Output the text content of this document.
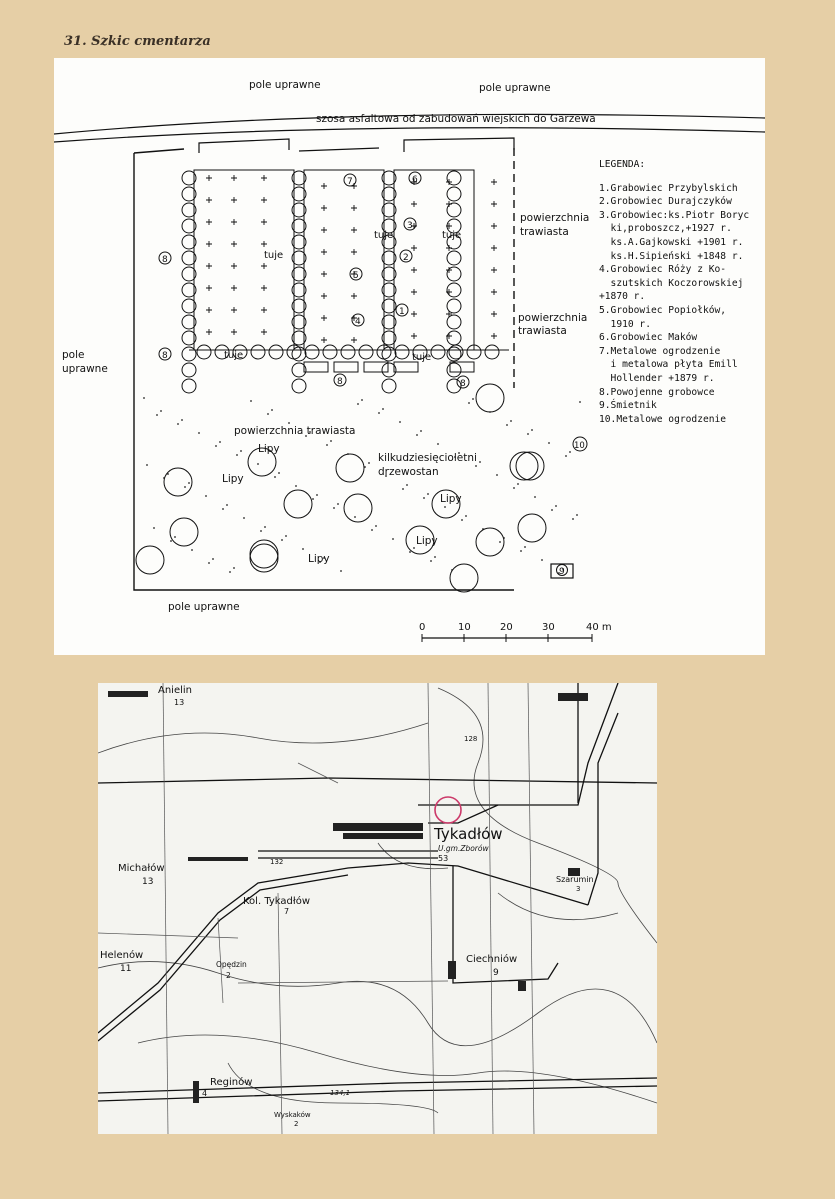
31. Szkic cmentarza
pole uprawne	pole uprawne
szosa asfaltowa od zabudowań wiejskich do Garzewa
pole
uprawne
pole uprawne
powierzchnia
trawiasta
powierzchnia
trawiasta
powierzchnia trawiasta
tuje
tuje	tuje
tuje	tuje
Lipy
Lipy
Lipy
Lipy
Lipy
kilkudziesięcioletni
drzewostan
1
2
3
4
5
6
7
8
8
8	8
9
10
0	10	20	30	40 m
LEGENDA:
1.Grabowiec Przybylskich
2.Grobowiec Durajczyków
3.Grobowiec:ks.Piotr Boryc
ki,proboszcz,+1927 r.
ks.A.Gajkowski +1901 r.
ks.H.Sipieński +1848 r.
4.Grobowiec Róży z Ko-
szutskich Koczorowskiej
+1870 r.
5.Grobowiec Popiołków,
1910 r.
6.Grobowiec Maków
7.Metalowe ogrodzenie
i metalowa płyta Emill
Hollender +1879 r.
8.Powojenne grobowce
9.Śmietnik
10.Metalowe ogrodzenie
Anielin
13
Tykadłów
U.gm.Zborów
53
Michałów
13
Kol. Tykadłów
7
Szarumin
3
Helenów
11	Opędzin
2
Ciechniów
9
Reginów
4
Wyskaków
2
134,1
128
132
